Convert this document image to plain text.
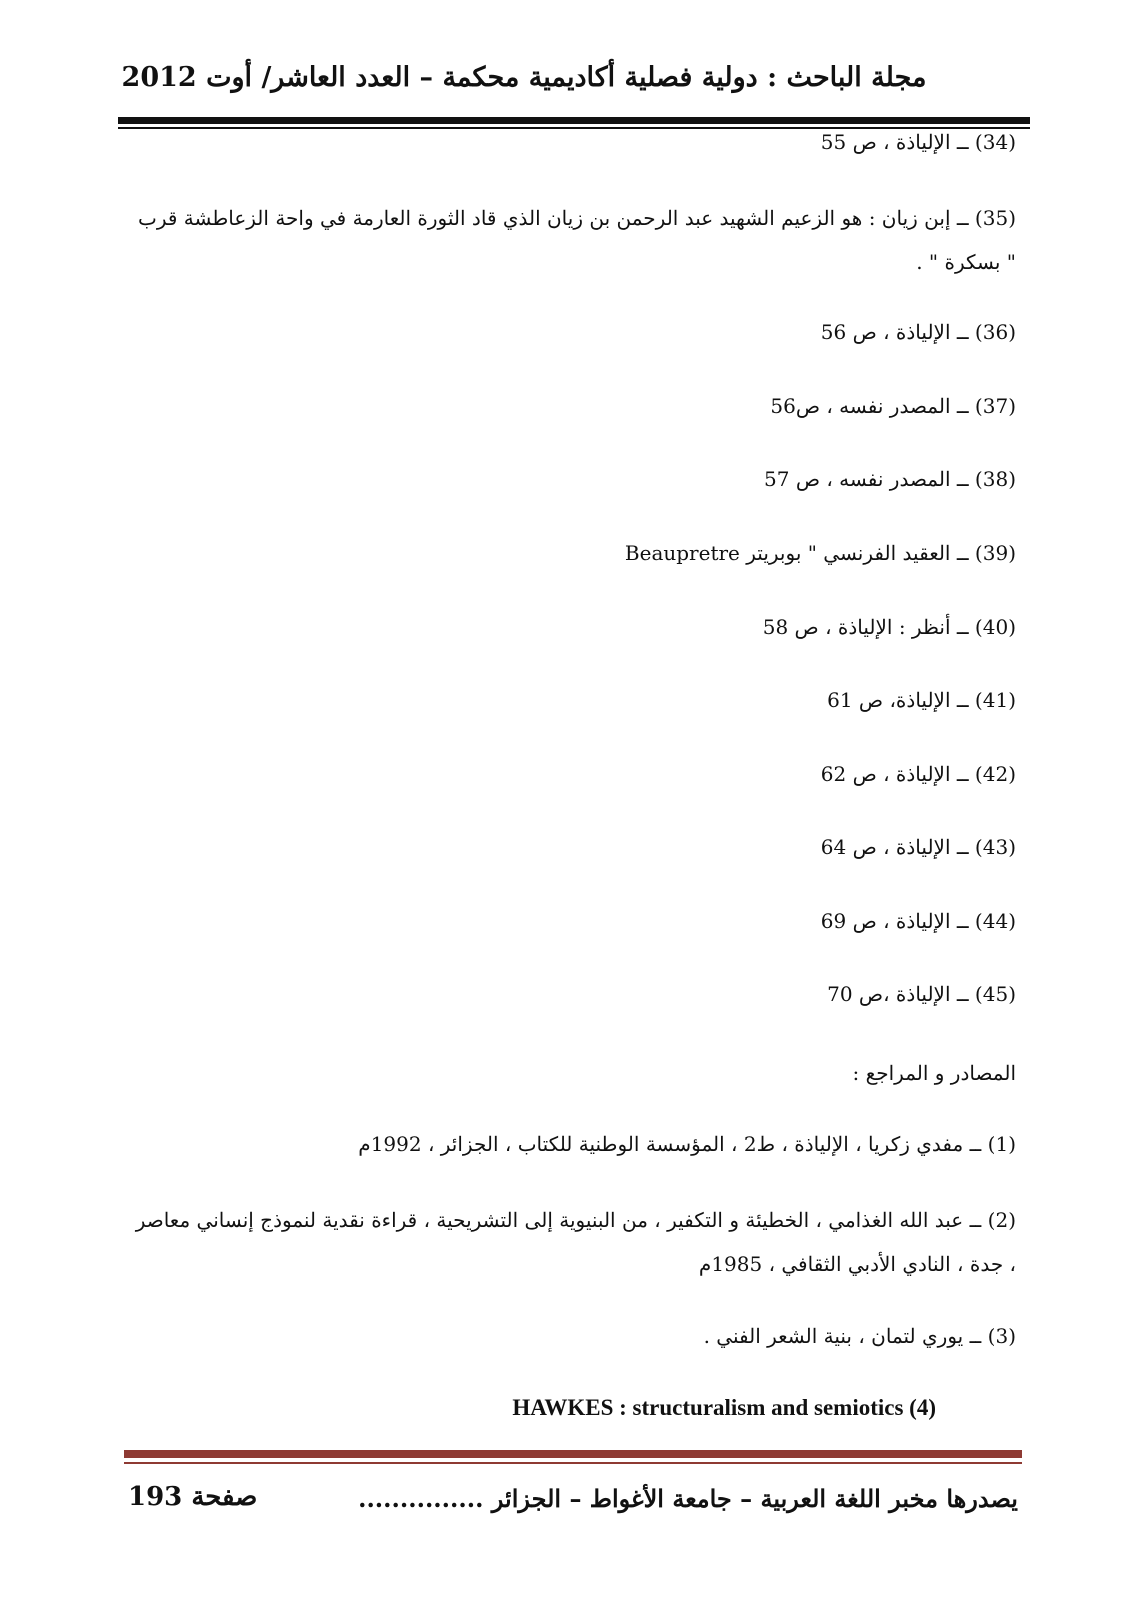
مجلة الباحث : دولية فصلية أكاديمية محكمة – العدد العاشر/ أوت 2012
(34) ــ الإلياذة ، ص 55
(35) ــ إبن زيان : هو الزعيم الشهيد عبد الرحمن بن زيان الذي قاد الثورة العارمة في واحة الزعاطشة قرب " بسكرة " .
(36) ــ الإلياذة ، ص 56
(37) ــ المصدر نفسه ، ص56
(38) ــ المصدر نفسه ، ص 57
(39) ــ العقيد الفرنسي " بوبريتر Beaupretre
(40) ــ أنظر : الإلياذة ، ص 58
(41) ــ الإلياذة، ص 61
(42) ــ الإلياذة ، ص 62
(43) ــ الإلياذة ، ص 64
(44) ــ الإلياذة ، ص 69
(45) ــ الإلياذة ،ص 70
المصادر و المراجع :
(1) ــ مفدي زكريا ، الإلياذة ، ط2 ، المؤسسة الوطنية للكتاب ، الجزائر ، 1992م
(2) ــ عبد الله الغذامي ، الخطيئة و التكفير ، من البنيوية إلى التشريحية ، قراءة نقدية لنموذج إنساني معاصر ، جدة ، النادي الأدبي الثقافي ، 1985م
(3) ــ يوري لتمان ، بنية الشعر الفني .
HAWKES : structuralism and semiotics (4)
صفحة 193	يصدرها مخبر اللغة العربية – جامعة الأغواط – الجزائر ...............
